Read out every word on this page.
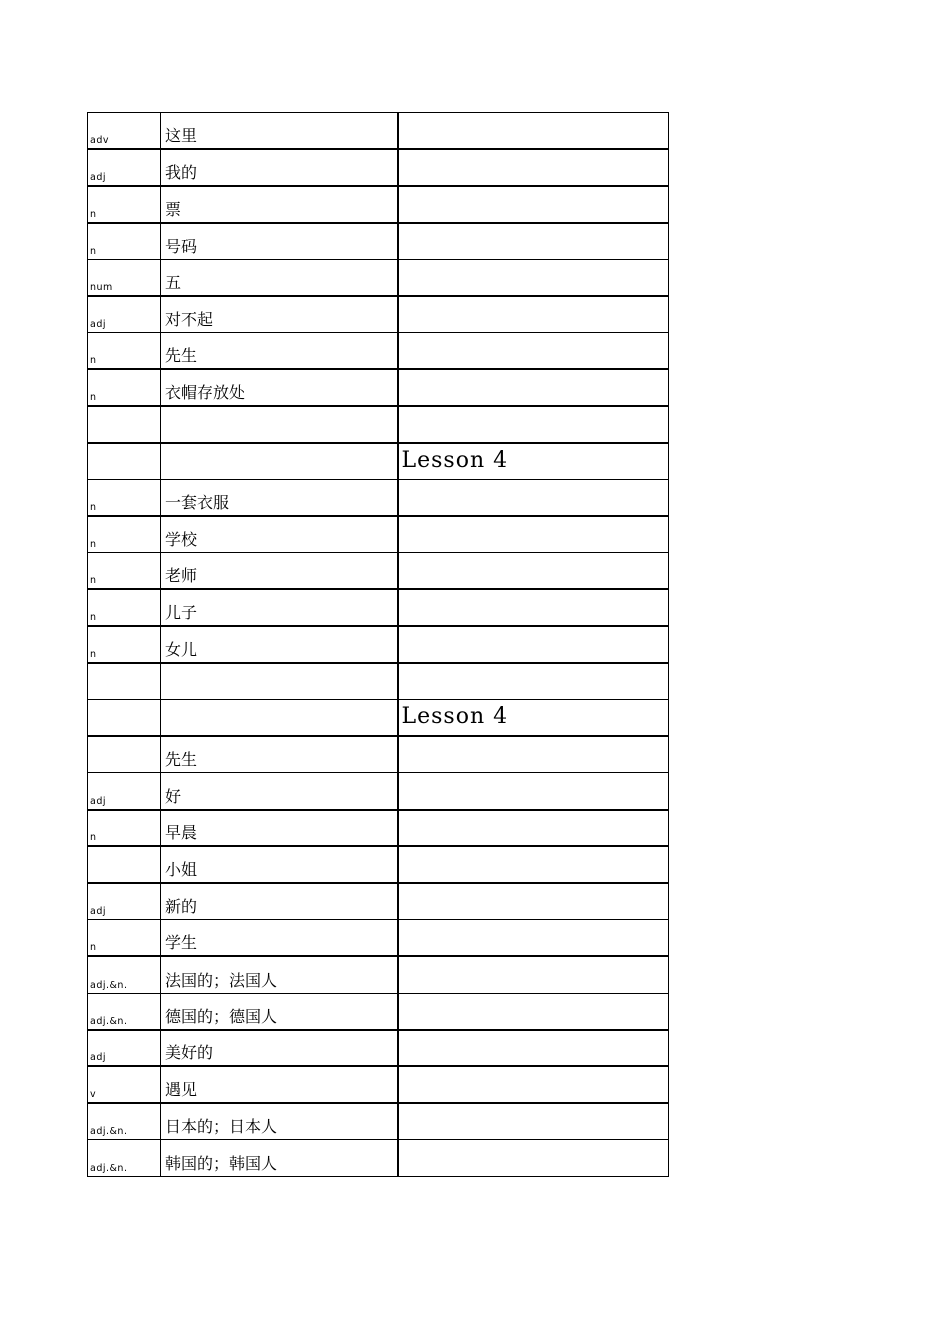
adv	这里	

adj	我的	

n	票	

n	号码	

num	五	

adj	对不起	

n	先生	

n	衣帽存放处	

		Lesson 4

n	一套衣服	

n	学校	

n	老师	

n	儿子	

n	女儿	

		Lesson 4

	先生	

adj	好	

n	早晨	

	小姐	

adj	新的	

n	学生	

adj.&n.	法国的；法国人	

adj.&n.	德国的；德国人	

adj	美好的	

v	遇见	

adj.&n.	日本的；日本人	

adj.&n.	韩国的；韩国人	
